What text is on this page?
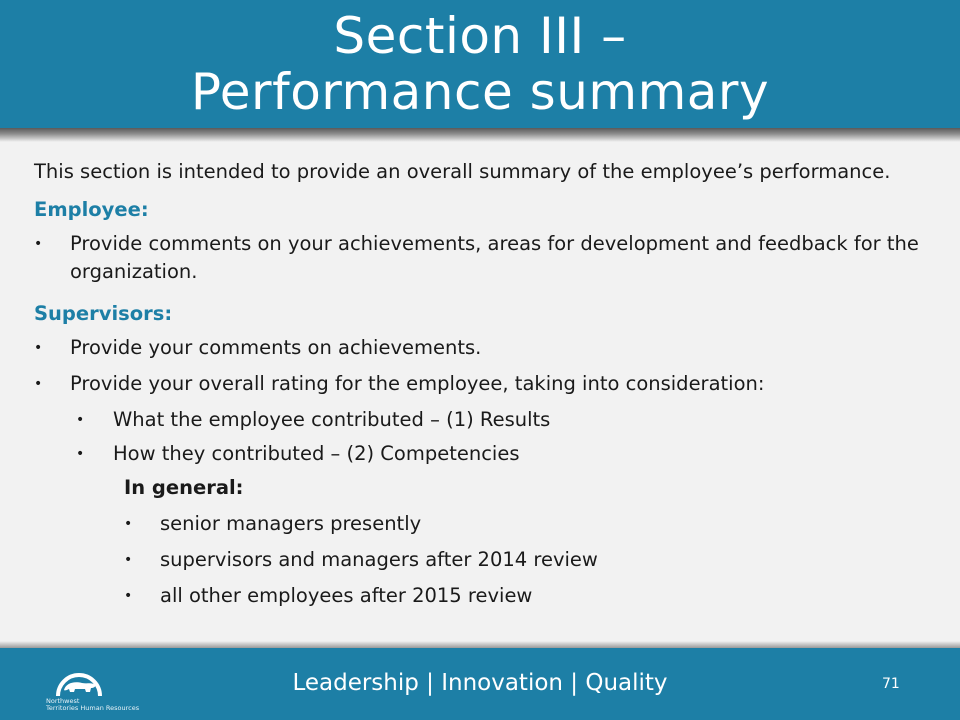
Section III –
Performance summary

This section is intended to provide an overall summary of the employee’s performance.

Employee:

• Provide comments on your achievements, areas for development and feedback for the organization.

Supervisors:

• Provide your comments on achievements.
• Provide your overall rating for the employee, taking into consideration:
• What the employee contributed – (1) Results
• How they contributed – (2) Competencies

In general:

• senior managers presently
• supervisors and managers after 2014 review
• all other employees after 2015 review
Northwest
Territories Human Resources
Leadership | Innovation | Quality	71
